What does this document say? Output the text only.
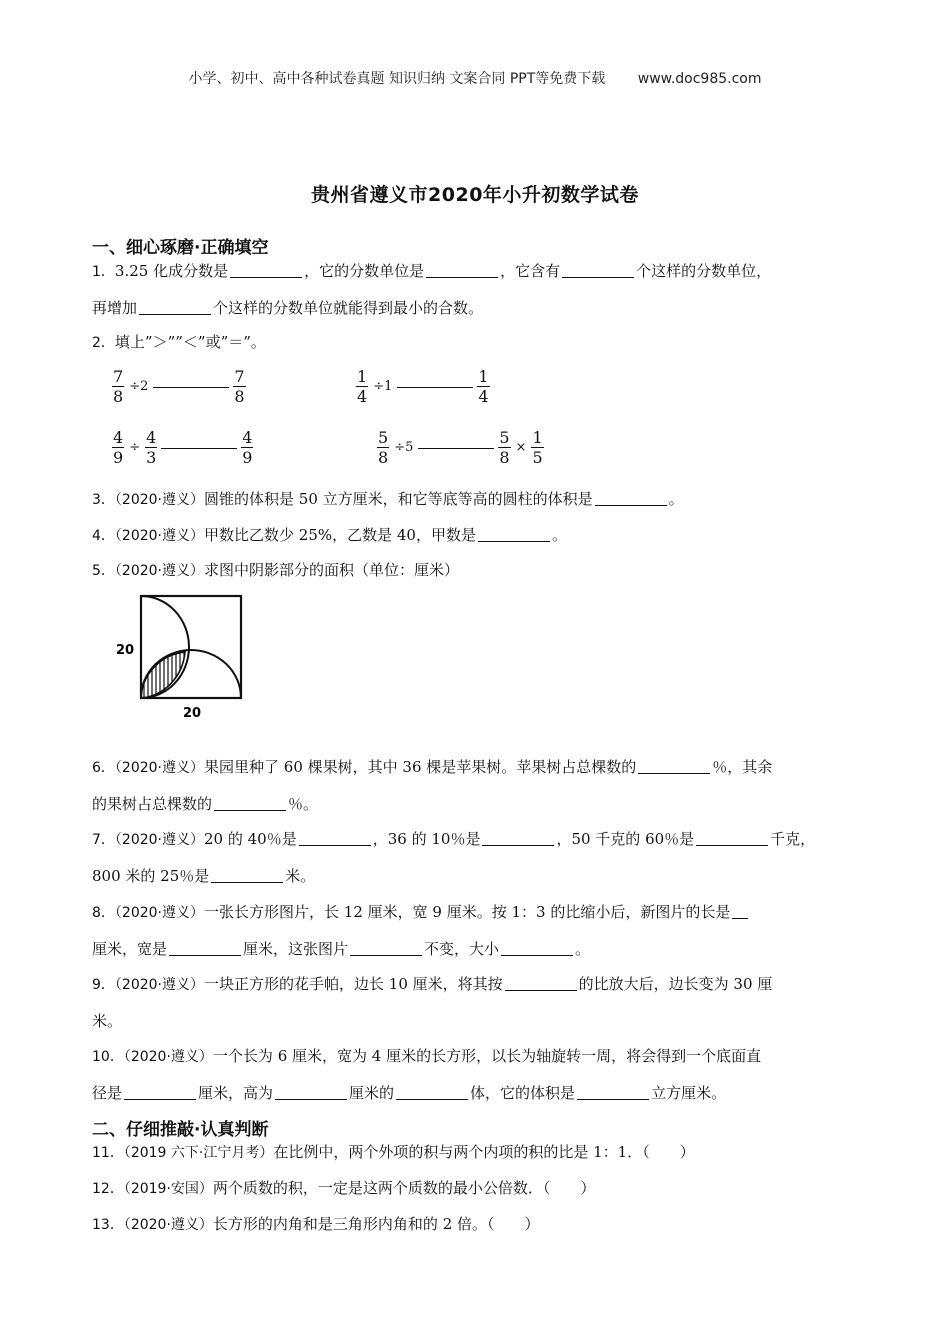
小学、初中、高中各种试卷真题 知识归纳 文案合同 PPT等免费下载 www.doc985.com
贵州省遵义市2020年小升初数学试卷
一、细心琢磨·正确填空
1．3.25 化成分数是	，它的分数单位是	，它含有	个这样的分数单位，
再增加	个这样的分数单位就能得到最小的合数。
2．填上”＞””＜”或”＝”。
$\frac{7}{8} \div 2$	$\frac{7}{8}$	$\frac{1}{4} \div 1$	$\frac{1}{4}$
$\frac{4}{9} \div \frac{4}{3}$	$\frac{4}{9}$	$\frac{5}{8} \div 5$	$\frac{5}{8} \times \frac{1}{5}$
3．（2020·遵义）圆锥的体积是 50 立方厘米，和它等底等高的圆柱的体积是	。
4．（2020·遵义）甲数比乙数少 25%，乙数是 40，甲数是	。
5．（2020·遵义）求图中阴影部分的面积（单位：厘米）
20
20
6．（2020·遵义）果园里种了 60 棵果树，其中 36 棵是苹果树。苹果树占总棵数的	％，其余
的果树占总棵数的	％。
7．（2020·遵义）20 的 40％是	，36 的 10％是	，50 千克的 60％是	千克，
800 米的 25％是	米。
8．（2020·遵义）一张长方形图片，长 12 厘米，宽 9 厘米。按 1：3 的比缩小后，新图片的长是
厘米，宽是	厘米，这张图片	不变，大小	。
9．（2020·遵义）一块正方形的花手帕，边长 10 厘米，将其按	的比放大后，边长变为 30 厘
米。
10．（2020·遵义）一个长为 6 厘米，宽为 4 厘米的长方形，以长为轴旋转一周，将会得到一个底面直
径是	厘米，高为	厘米的	体，它的体积是	立方厘米。
二、仔细推敲·认真判断
11．（2019 六下·江宁月考）在比例中，两个外项的积与两个内项的积的比是 1：1．（　　）
12．（2019·安国）两个质数的积，一定是这两个质数的最小公倍数．（　　）
13．（2020·遵义）长方形的内角和是三角形内角和的 2 倍。（　　）
